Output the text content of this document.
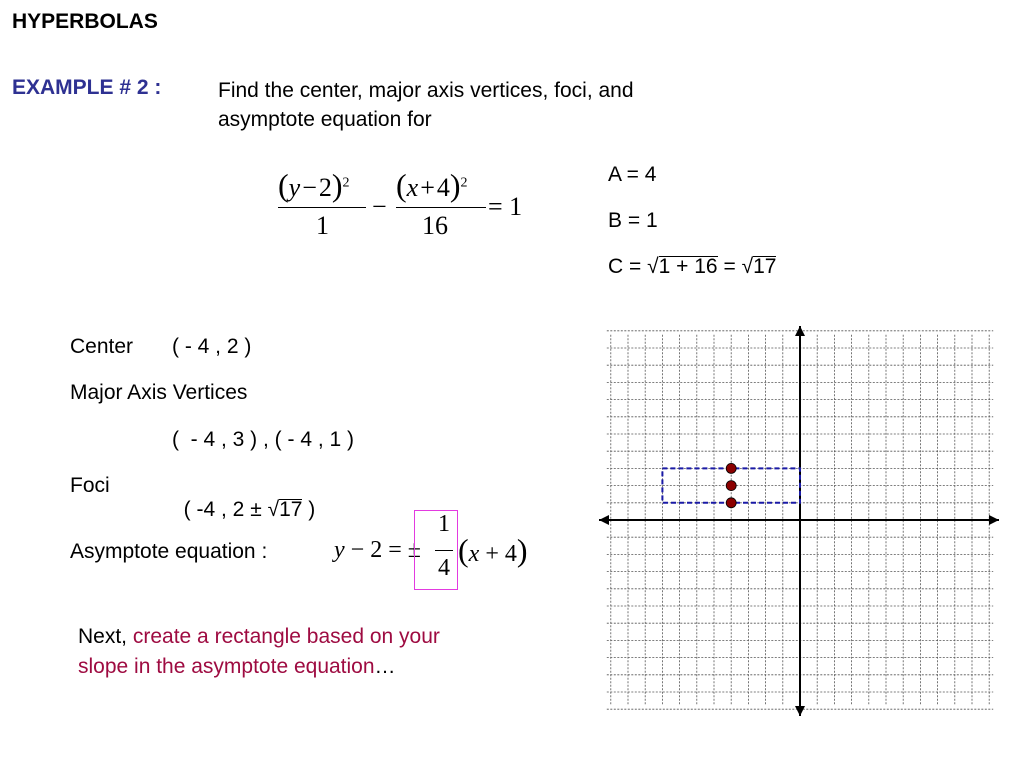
HYPERBOLAS
EXAMPLE # 2 :	Find the center, major axis vertices, foci, and
asymptote equation for
$(y-2)^2$
1
−
$(x+4)^2$
16
= 1
A = 4
B = 1
C = √1 + 16 = √17
Center ( - 4 , 2 )
Major Axis Vertices
(  - 4 , 3 ) , ( - 4 , 1 )
Foci

( -4 , 2 ± √17 )

Asymptote equation :	y − 2 = ±
1
4 (x + 4)
Next, create a rectangle based on your
slope in the asymptote equation…
